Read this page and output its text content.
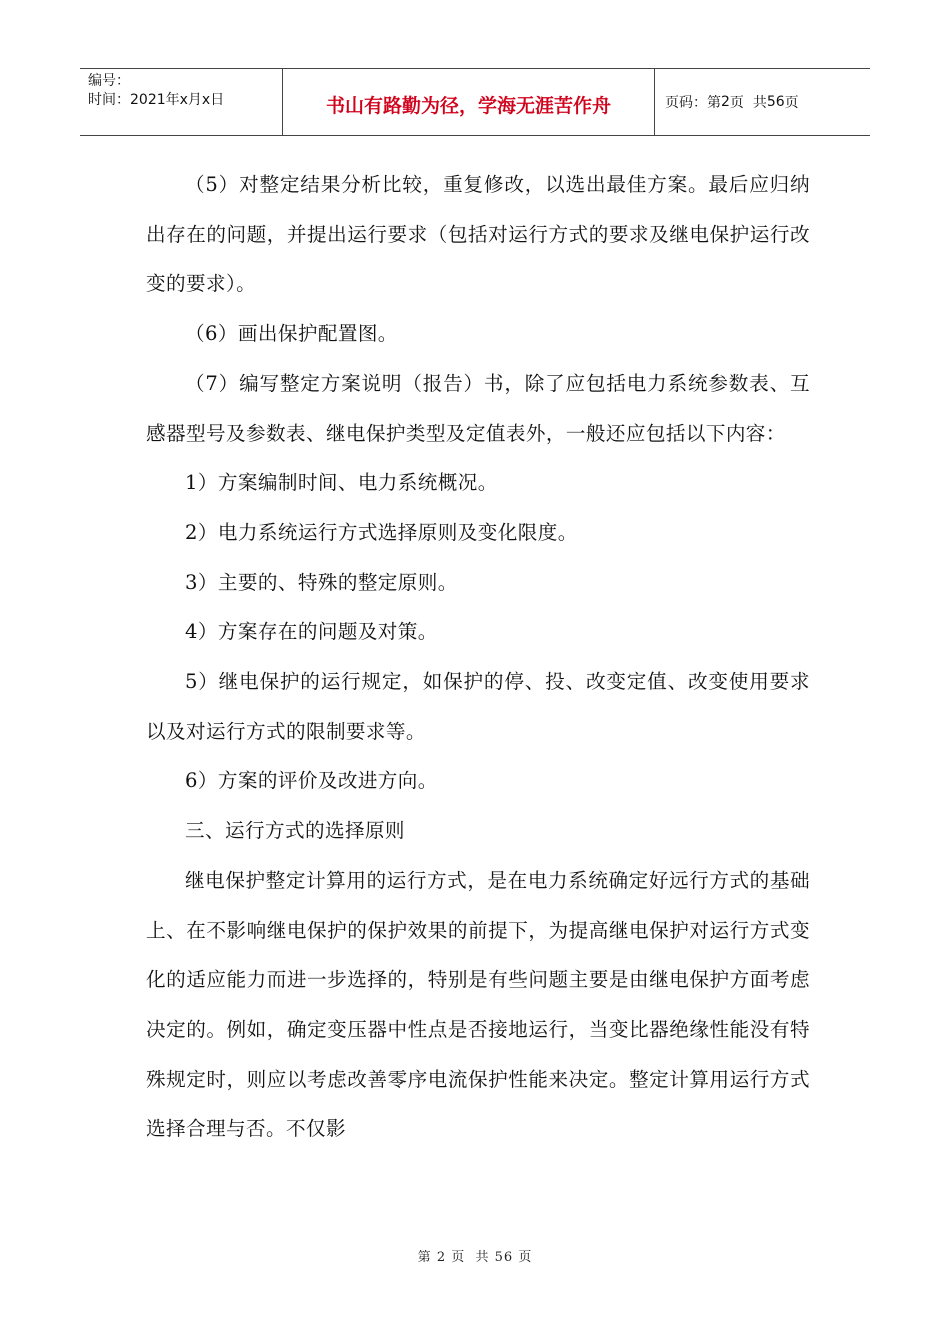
编号：
时间：2021年x月x日	书山有路勤为径，学海无涯苦作舟	页码：第 2 页  共 56 页

（5）对整定结果分析比较，重复修改，以选出最佳方案。最后应归纳出存在的问题，并提出运行要求（包括对运行方式的要求及继电保护运行改变的要求）。

（6）画出保护配置图。

（7）编写整定方案说明（报告）书，除了应包括电力系统参数表、互感器型号及参数表、继电保护类型及定值表外，一般还应包括以下内容：

1）方案编制时间、电力系统概况。

2）电力系统运行方式选择原则及变化限度。

3）主要的、特殊的整定原则。

4）方案存在的问题及对策。

5）继电保护的运行规定，如保护的停、投、改变定值、改变使用要求以及对运行方式的限制要求等。

6）方案的评价及改进方向。

三、运行方式的选择原则

继电保护整定计算用的运行方式，是在电力系统确定好远行方式的基础上、在不影响继电保护的保护效果的前提下，为提高继电保护对运行方式变化的适应能力而进一步选择的，特别是有些问题主要是由继电保护方面考虑决定的。例如，确定变压器中性点是否接地运行，当变比器绝缘性能没有特殊规定时，则应以考虑改善零序电流保护性能来决定。整定计算用运行方式选择合理与否。不仅影

第 2 页  共 56 页
